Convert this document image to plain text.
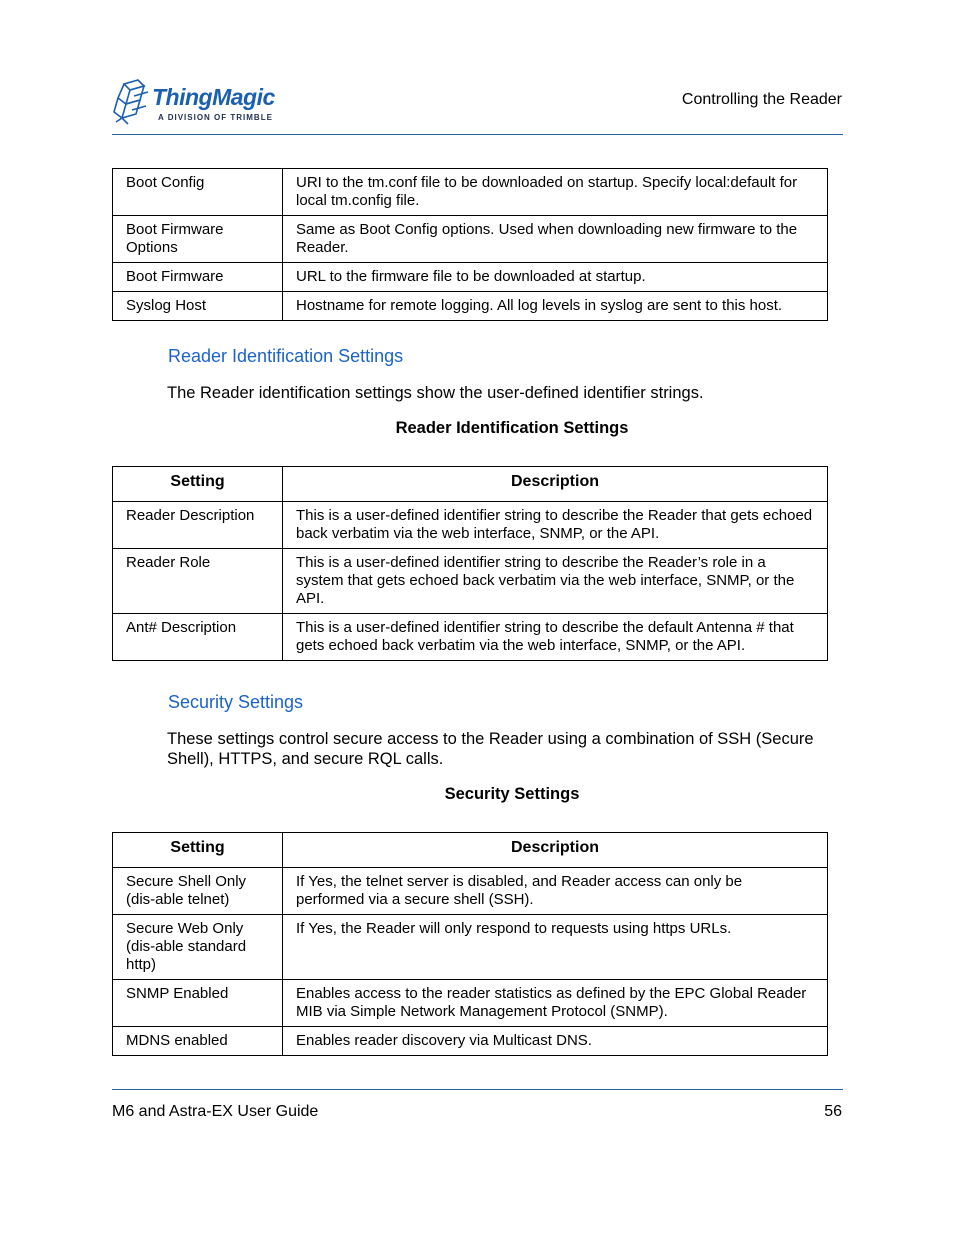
ThingMagic
A DIVISION OF TRIMBLE
Controlling the Reader
Boot Config	URI to the tm.conf file to be downloaded on startup. Specify local:default for local tm.config file.
Boot Firmware Options	Same as Boot Config options. Used when downloading new firmware to the Reader.
Boot Firmware	URL to the firmware file to be downloaded at startup.
Syslog Host	Hostname for remote logging. All log levels in syslog are sent to this host.
Reader Identification Settings
The Reader identification settings show the user-defined identifier strings.
Reader Identification Settings
Setting	Description
Reader Description	This is a user-defined identifier string to describe the Reader that gets echoed back verbatim via the web interface, SNMP, or the API.
Reader Role	This is a user-defined identifier string to describe the Reader’s role in a system that gets echoed back verbatim via the web interface, SNMP, or the API.
Ant# Description	This is a user-defined identifier string to describe the default Antenna # that gets echoed back verbatim via the web interface, SNMP, or the API.
Security Settings
These settings control secure access to the Reader using a combination of SSH (Secure Shell), HTTPS, and secure RQL calls.
Security Settings
Setting	Description
Secure Shell Only (dis-able telnet)	If Yes, the telnet server is disabled, and Reader access can only be performed via a secure shell (SSH).
Secure Web Only (dis-able standard http)	If Yes, the Reader will only respond to requests using https URLs.
SNMP Enabled	Enables access to the reader statistics as defined by the EPC Global Reader MIB via Simple Network Management Protocol (SNMP).
MDNS enabled	Enables reader discovery via Multicast DNS.
M6 and Astra-EX User Guide	56
